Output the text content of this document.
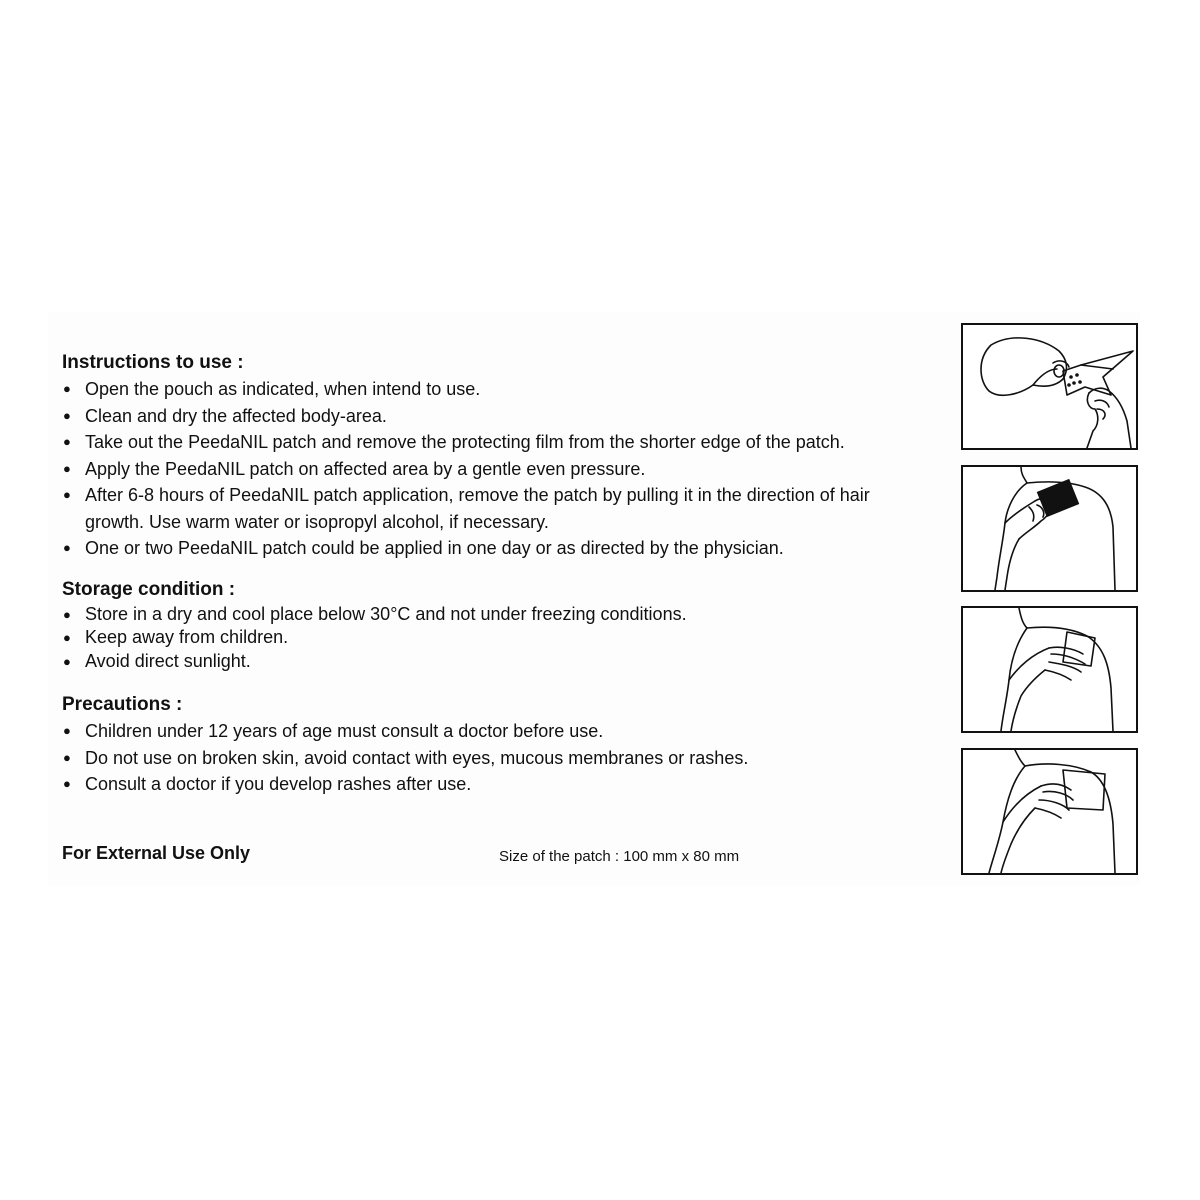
Instructions to use :
● Open the pouch as indicated, when intend to use.
● Clean and dry the affected body-area.
● Take out the PeedaNIL patch and remove the protecting film from the shorter edge of the patch.
● Apply the PeedaNIL patch on affected area by a gentle even pressure.
● After 6-8 hours of PeedaNIL patch application, remove the patch by pulling it in the direction of hair growth. Use warm water or isopropyl alcohol, if necessary.
● One or two PeedaNIL patch could be applied in one day or as directed by the physician.
Storage condition :
● Store in a dry and cool place below 30°C and not under freezing conditions.
● Keep away from children.
● Avoid direct sunlight.
Precautions :
● Children under 12 years of age must consult a doctor before use.
● Do not use on broken skin, avoid contact with eyes, mucous membranes or rashes.
● Consult a doctor if you develop rashes after use.
For External Use Only	Size of the patch : 100 mm x 80 mm
